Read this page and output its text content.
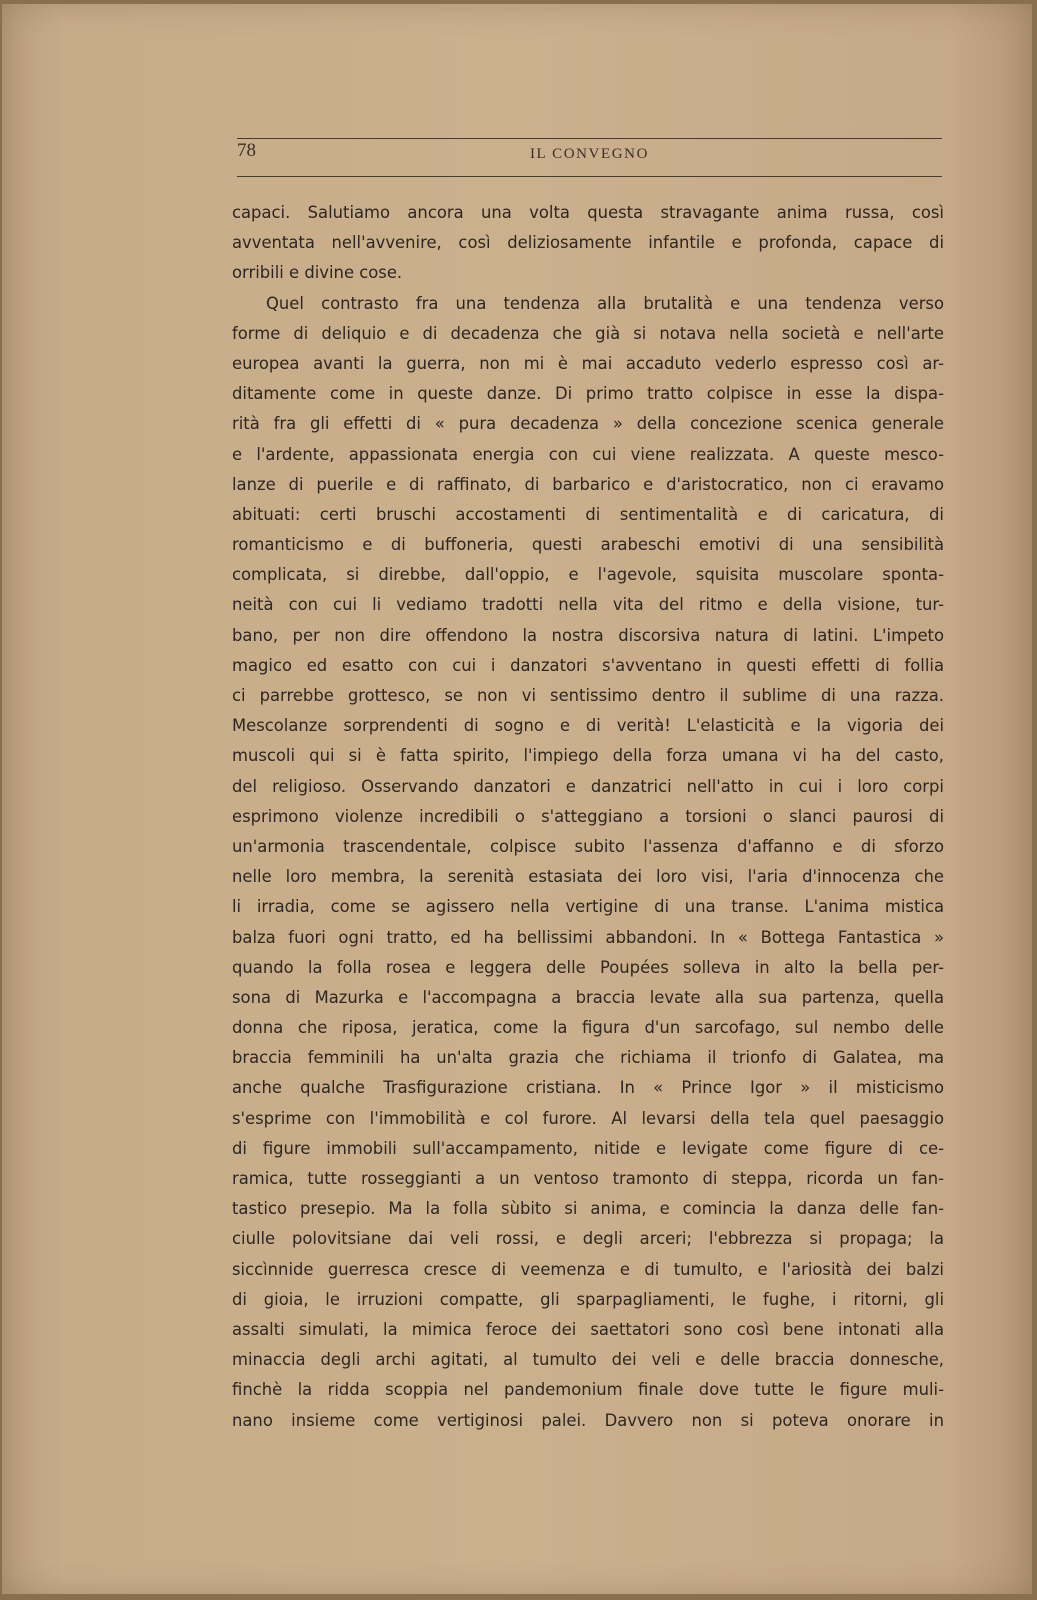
78	IL CONVEGNO
capaci. Salutiamo ancora una volta questa stravagante anima russa, così
avventata nell'avvenire, così deliziosamente infantile e profonda, capace di
orribili e divine cose.
Quel contrasto fra una tendenza alla brutalità e una tendenza verso
forme di deliquio e di decadenza che già si notava nella società e nell'arte
europea avanti la guerra, non mi è mai accaduto vederlo espresso così ar-
ditamente come in queste danze. Di primo tratto colpisce in esse la dispa-
rità fra gli effetti di « pura decadenza » della concezione scenica generale
e l'ardente, appassionata energia con cui viene realizzata. A queste mesco-
lanze di puerile e di raffinato, di barbarico e d'aristocratico, non ci eravamo
abituati: certi bruschi accostamenti di sentimentalità e di caricatura, di
romanticismo e di buffoneria, questi arabeschi emotivi di una sensibilità
complicata, si direbbe, dall'oppio, e l'agevole, squisita muscolare sponta-
neità con cui li vediamo tradotti nella vita del ritmo e della visione, tur-
bano, per non dire offendono la nostra discorsiva natura di latini. L'impeto
magico ed esatto con cui i danzatori s'avventano in questi effetti di follia
ci parrebbe grottesco, se non vi sentissimo dentro il sublime di una razza.
Mescolanze sorprendenti di sogno e di verità! L'elasticità e la vigoria dei
muscoli qui si è fatta spirito, l'impiego della forza umana vi ha del casto,
del religioso. Osservando danzatori e danzatrici nell'atto in cui i loro corpi
esprimono violenze incredibili o s'atteggiano a torsioni o slanci paurosi di
un'armonia trascendentale, colpisce subito l'assenza d'affanno e di sforzo
nelle loro membra, la serenità estasiata dei loro visi, l'aria d'innocenza che
li irradia, come se agissero nella vertigine di una transe. L'anima mistica
balza fuori ogni tratto, ed ha bellissimi abbandoni. In « Bottega Fantastica »
quando la folla rosea e leggera delle Poupées solleva in alto la bella per-
sona di Mazurka e l'accompagna a braccia levate alla sua partenza, quella
donna che riposa, jeratica, come la figura d'un sarcofago, sul nembo delle
braccia femminili ha un'alta grazia che richiama il trionfo di Galatea, ma
anche qualche Trasfigurazione cristiana. In « Prince Igor » il misticismo
s'esprime con l'immobilità e col furore. Al levarsi della tela quel paesaggio
di figure immobili sull'accampamento, nitide e levigate come figure di ce-
ramica, tutte rosseggianti a un ventoso tramonto di steppa, ricorda un fan-
tastico presepio. Ma la folla sùbito si anima, e comincia la danza delle fan-
ciulle polovitsiane dai veli rossi, e degli arceri; l'ebbrezza si propaga; la
siccìnnide guerresca cresce di veemenza e di tumulto, e l'ariosità dei balzi
di gioia, le irruzioni compatte, gli sparpagliamenti, le fughe, i ritorni, gli
assalti simulati, la mimica feroce dei saettatori sono così bene intonati alla
minaccia degli archi agitati, al tumulto dei veli e delle braccia donnesche,
finchè la ridda scoppia nel pandemonium finale dove tutte le figure muli-
nano insieme come vertiginosi palei. Davvero non si poteva onorare in
